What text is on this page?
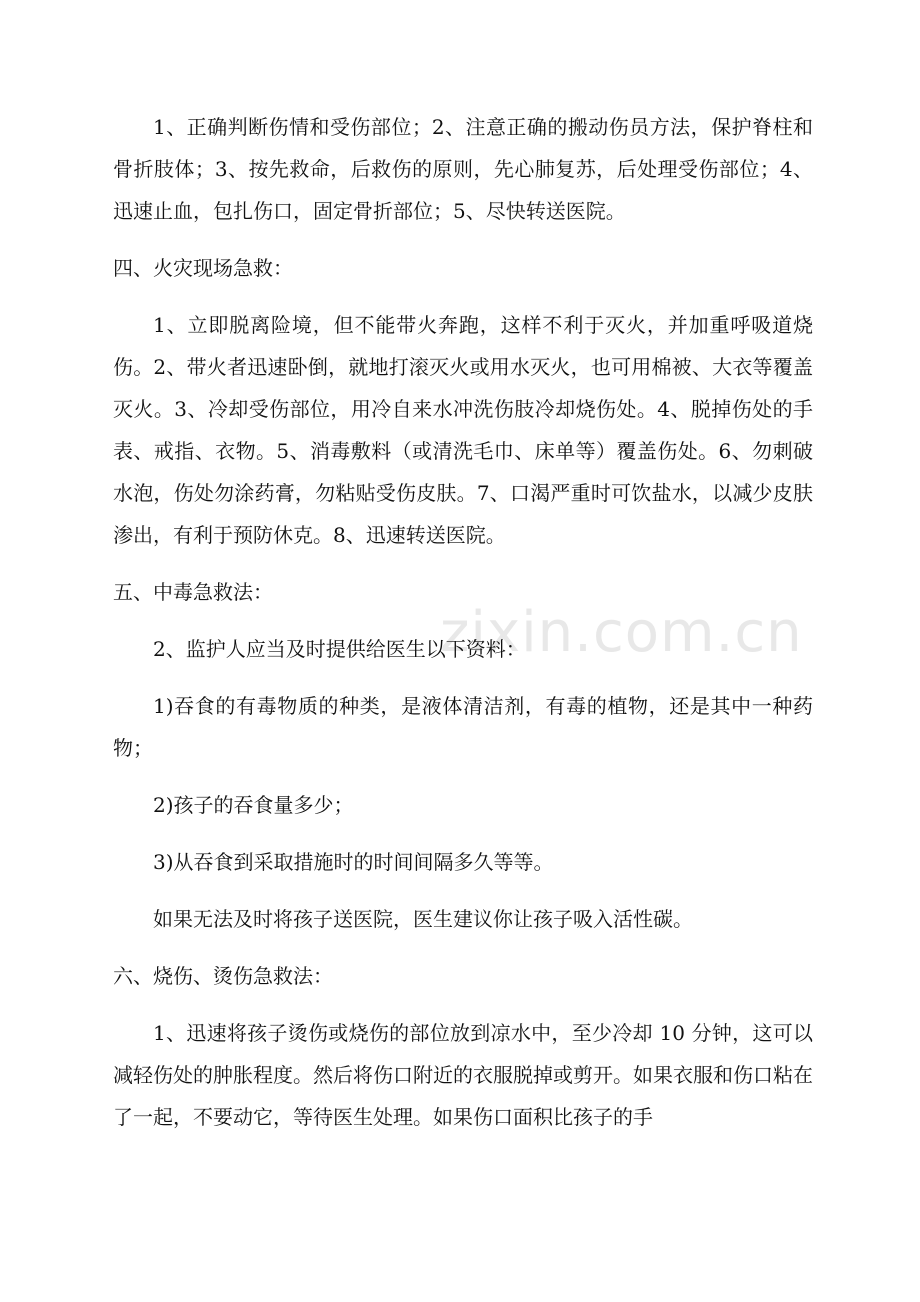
zixin.com.cn

1、正确判断伤情和受伤部位；2、注意正确的搬动伤员方法，保护脊柱和骨折肢体；3、按先救命，后救伤的原则，先心肺复苏，后处理受伤部位；4、迅速止血，包扎伤口，固定骨折部位；5、尽快转送医院。

四、火灾现场急救：

1、立即脱离险境，但不能带火奔跑，这样不利于灭火，并加重呼吸道烧伤。2、带火者迅速卧倒，就地打滚灭火或用水灭火，也可用棉被、大衣等覆盖灭火。3、冷却受伤部位，用冷自来水冲洗伤肢冷却烧伤处。4、脱掉伤处的手表、戒指、衣物。5、消毒敷料（或清洗毛巾、床单等）覆盖伤处。6、勿刺破水泡，伤处勿涂药膏，勿粘贴受伤皮肤。7、口渴严重时可饮盐水，以减少皮肤渗出，有利于预防休克。8、迅速转送医院。

五、中毒急救法：

2、监护人应当及时提供给医生以下资料：

1)吞食的有毒物质的种类，是液体清洁剂，有毒的植物，还是其中一种药物；

2)孩子的吞食量多少；

3)从吞食到采取措施时的时间间隔多久等等。

如果无法及时将孩子送医院，医生建议你让孩子吸入活性碳。

六、烧伤、烫伤急救法：

1、迅速将孩子烫伤或烧伤的部位放到凉水中，至少冷却 10 分钟，这可以减轻伤处的肿胀程度。然后将伤口附近的衣服脱掉或剪开。如果衣服和伤口粘在了一起，不要动它，等待医生处理。如果伤口面积比孩子的手
